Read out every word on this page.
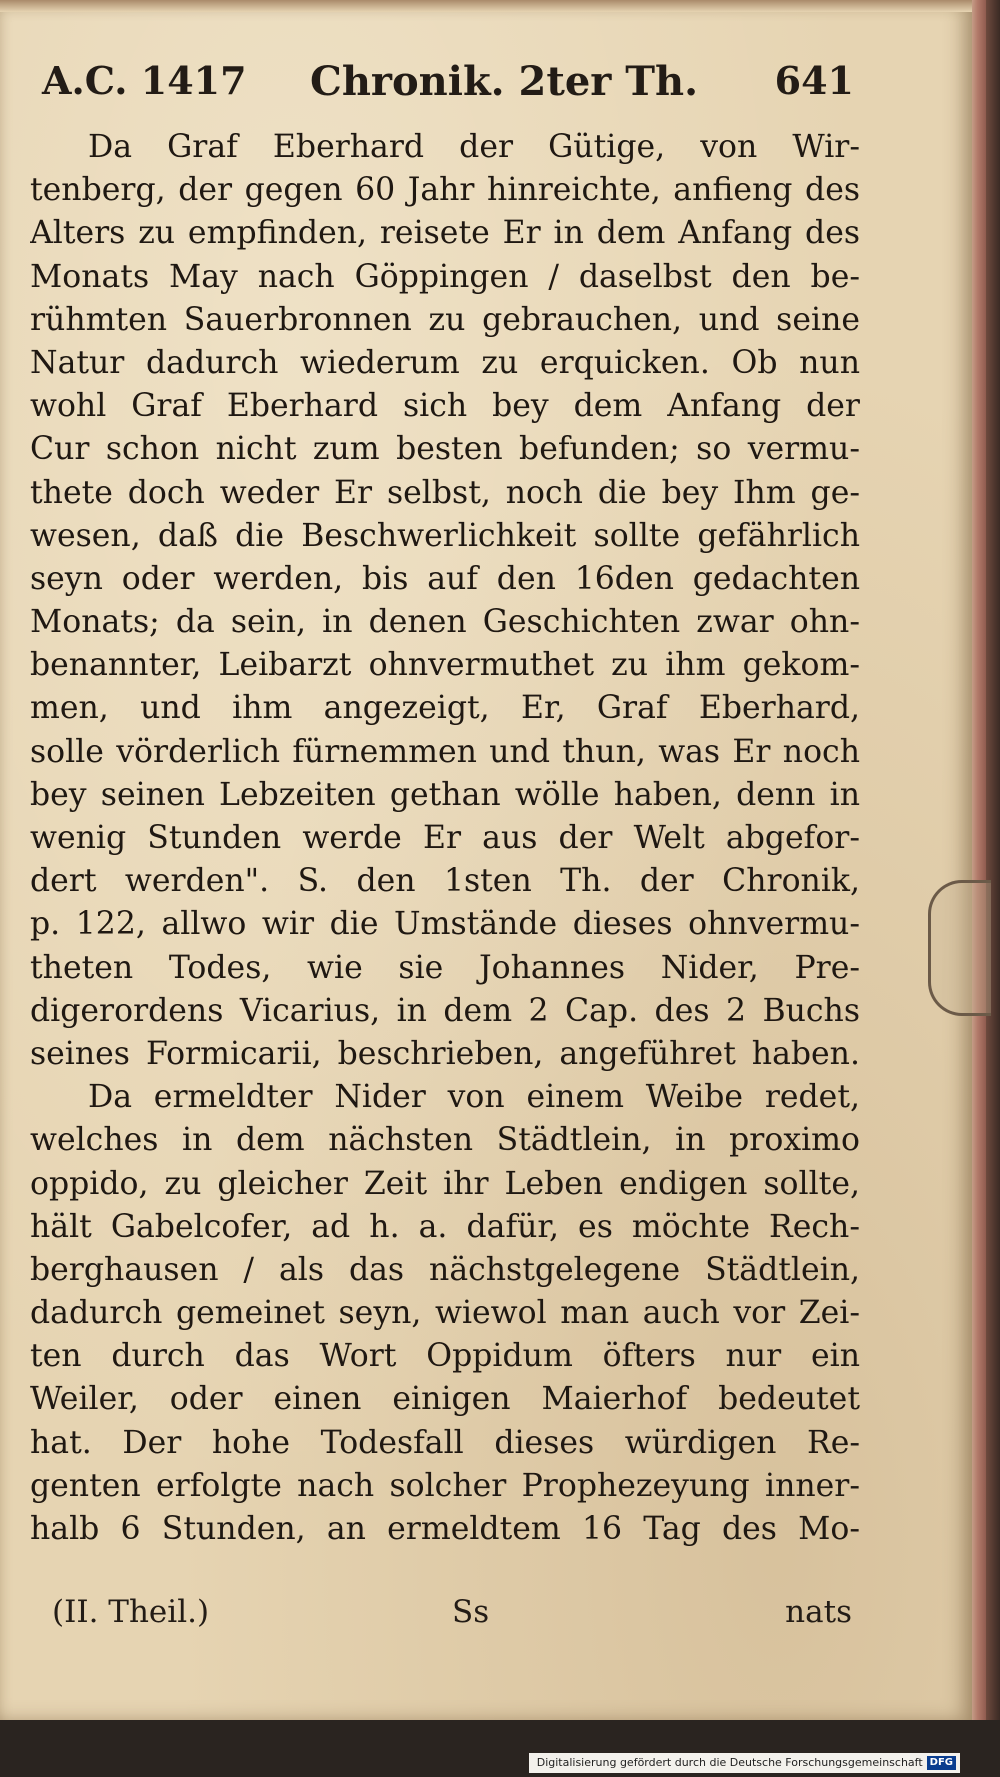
A.C. 1417 Chronik. 2ter Th. 641
Da Graf Eberhard der Gütige, von Wir-
tenberg, der gegen 60 Jahr hinreichte, anfieng des
Alters zu empfinden, reisete Er in dem Anfang des
Monats May nach Göppingen / daselbst den be-
rühmten Sauerbronnen zu gebrauchen, und seine
Natur dadurch wiederum zu erquicken. Ob nun
wohl Graf Eberhard sich bey dem Anfang der
Cur schon nicht zum besten befunden; so vermu-
thete doch weder Er selbst, noch die bey Ihm ge-
wesen, daß die Beschwerlichkeit sollte gefährlich
seyn oder werden, bis auf den 16den gedachten
Monats; da sein, in denen Geschichten zwar ohn-
benannter, Leibarzt ohnvermuthet zu ihm gekom-
men, und ihm angezeigt, Er, Graf Eberhard,
solle vörderlich fürnemmen und thun, was Er noch
bey seinen Lebzeiten gethan wölle haben, denn in
wenig Stunden werde Er aus der Welt abgefor-
dert werden". S. den 1sten Th. der Chronik,
p. 122, allwo wir die Umstände dieses ohnvermu-
theten Todes, wie sie Johannes Nider, Pre-
digerordens Vicarius, in dem 2 Cap. des 2 Buchs
seines Formicarii, beschrieben, angeführet haben.
Da ermeldter Nider von einem Weibe redet,
welches in dem nächsten Städtlein, in proximo
oppido, zu gleicher Zeit ihr Leben endigen sollte,
hält Gabelcofer, ad h. a. dafür, es möchte Rech-
berghausen / als das nächstgelegene Städtlein,
dadurch gemeinet seyn, wiewol man auch vor Zei-
ten durch das Wort Oppidum öfters nur ein
Weiler, oder einen einigen Maierhof bedeutet
hat. Der hohe Todesfall dieses würdigen Re-
genten erfolgte nach solcher Prophezeyung inner-
halb 6 Stunden, an ermeldtem 16 Tag des Mo-
(II. Theil.)	Ss	nats
Digitalisierung gefördert durch die Deutsche Forschungsgemeinschaft DFG
